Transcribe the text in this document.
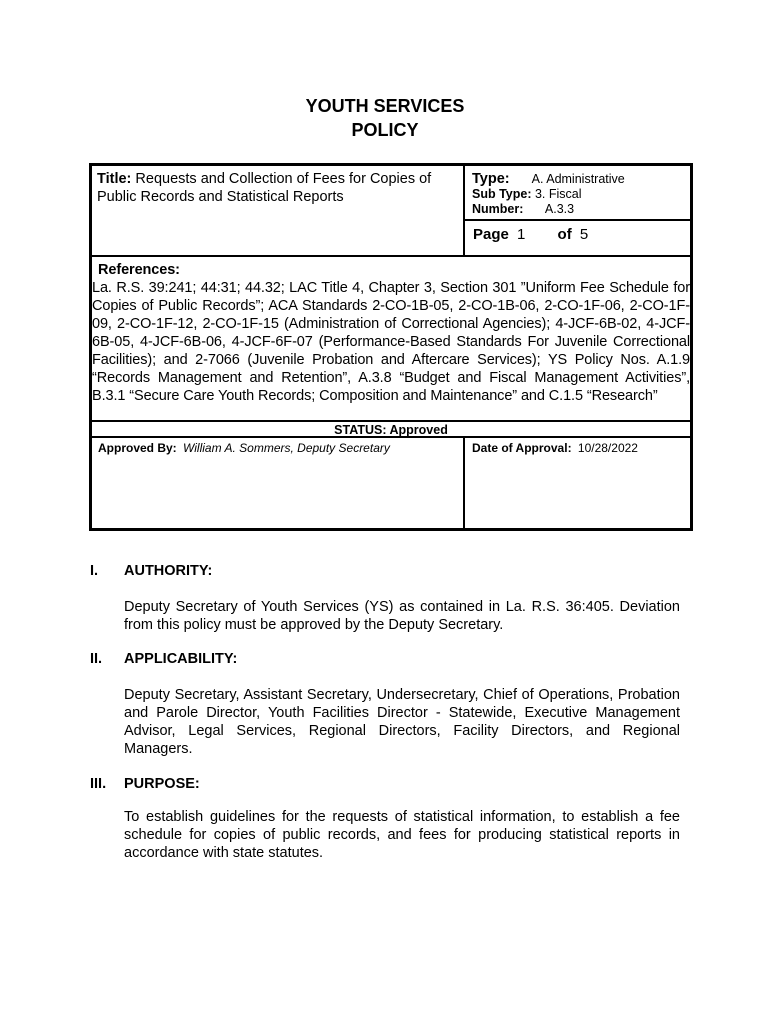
YOUTH SERVICES
POLICY
Title: Requests and Collection of Fees for Copies of Public Records and Statistical Reports
Type: A. Administrative
Sub Type: 3. Fiscal
Number: A.3.3
Page 1 of 5
References:
La. R.S. 39:241; 44:31; 44.32; LAC Title 4, Chapter 3, Section 301 ”Uniform Fee Schedule for Copies of Public Records”; ACA Standards 2-CO-1B-05, 2-CO-1B-06, 2-CO-1F-06, 2-CO-1F-09, 2-CO-1F-12, 2-CO-1F-15 (Administration of Correctional Agencies); 4-JCF-6B-02, 4-JCF-6B-05, 4-JCF-6B-06, 4-JCF-6F-07 (Performance-Based Standards For Juvenile Correctional Facilities); and 2-7066 (Juvenile Probation and Aftercare Services); YS Policy Nos. A.1.9 “Records Management and Retention”, A.3.8 “Budget and Fiscal Management Activities”, B.3.1 “Secure Care Youth Records; Composition and Maintenance” and C.1.5 “Research”
STATUS: Approved
Approved By: William A. Sommers, Deputy Secretary	Date of Approval: 10/28/2022
I. AUTHORITY:
Deputy Secretary of Youth Services (YS) as contained in La. R.S. 36:405. Deviation from this policy must be approved by the Deputy Secretary.
II. APPLICABILITY:
Deputy Secretary, Assistant Secretary, Undersecretary, Chief of Operations, Probation and Parole Director, Youth Facilities Director - Statewide, Executive Management Advisor, Legal Services, Regional Directors, Facility Directors, and Regional Managers.
III. PURPOSE:
To establish guidelines for the requests of statistical information, to establish a fee schedule for copies of public records, and fees for producing statistical reports in accordance with state statutes.
